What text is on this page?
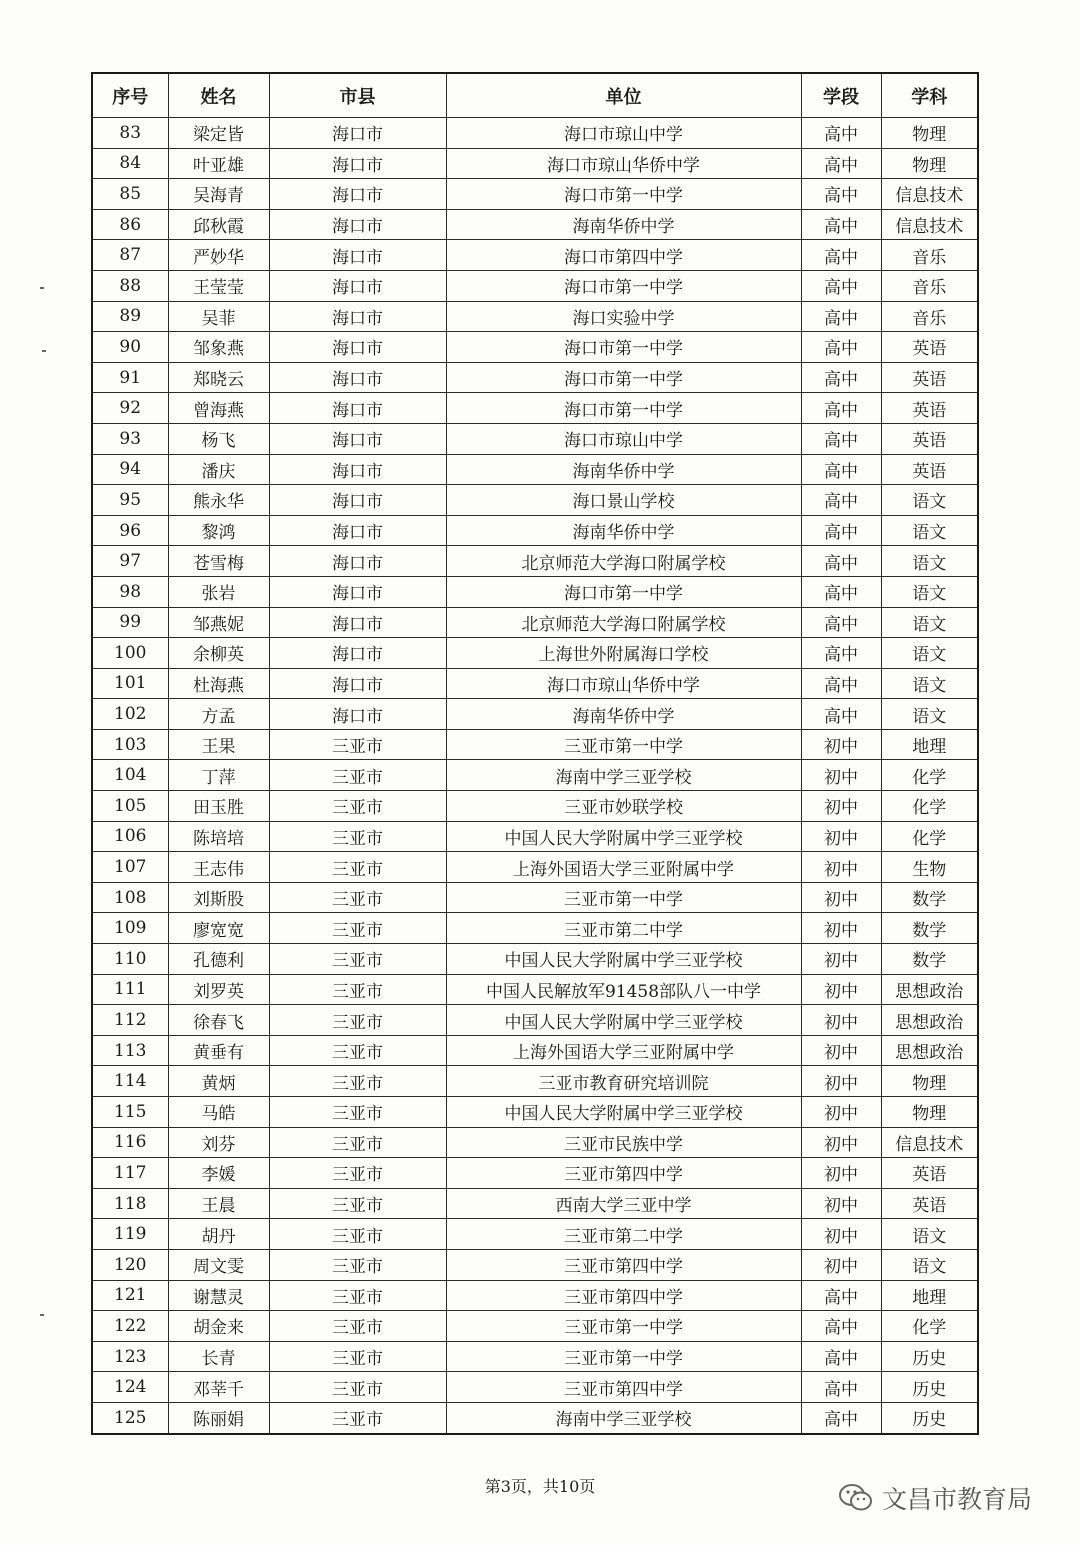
序号	姓名	市县	单位	学段	学科
83	梁定皆	海口市	海口市琼山中学	高中	物理
84	叶亚雄	海口市	海口市琼山华侨中学	高中	物理
85	吴海青	海口市	海口市第一中学	高中	信息技术
86	邱秋霞	海口市	海南华侨中学	高中	信息技术
87	严妙华	海口市	海口市第四中学	高中	音乐
88	王莹莹	海口市	海口市第一中学	高中	音乐
89	吴菲	海口市	海口实验中学	高中	音乐
90	邹象燕	海口市	海口市第一中学	高中	英语
91	郑晓云	海口市	海口市第一中学	高中	英语
92	曾海燕	海口市	海口市第一中学	高中	英语
93	杨飞	海口市	海口市琼山中学	高中	英语
94	潘庆	海口市	海南华侨中学	高中	英语
95	熊永华	海口市	海口景山学校	高中	语文
96	黎鸿	海口市	海南华侨中学	高中	语文
97	苍雪梅	海口市	北京师范大学海口附属学校	高中	语文
98	张岩	海口市	海口市第一中学	高中	语文
99	邹燕妮	海口市	北京师范大学海口附属学校	高中	语文
100	余柳英	海口市	上海世外附属海口学校	高中	语文
101	杜海燕	海口市	海口市琼山华侨中学	高中	语文
102	方孟	海口市	海南华侨中学	高中	语文
103	王果	三亚市	三亚市第一中学	初中	地理
104	丁萍	三亚市	海南中学三亚学校	初中	化学
105	田玉胜	三亚市	三亚市妙联学校	初中	化学
106	陈培培	三亚市	中国人民大学附属中学三亚学校	初中	化学
107	王志伟	三亚市	上海外国语大学三亚附属中学	初中	生物
108	刘斯股	三亚市	三亚市第一中学	初中	数学
109	廖宽宽	三亚市	三亚市第二中学	初中	数学
110	孔德利	三亚市	中国人民大学附属中学三亚学校	初中	数学
111	刘罗英	三亚市	中国人民解放军91458部队八一中学	初中	思想政治
112	徐春飞	三亚市	中国人民大学附属中学三亚学校	初中	思想政治
113	黄垂有	三亚市	上海外国语大学三亚附属中学	初中	思想政治
114	黄炳	三亚市	三亚市教育研究培训院	初中	物理
115	马皓	三亚市	中国人民大学附属中学三亚学校	初中	物理
116	刘芬	三亚市	三亚市民族中学	初中	信息技术
117	李媛	三亚市	三亚市第四中学	初中	英语
118	王晨	三亚市	西南大学三亚中学	初中	英语
119	胡丹	三亚市	三亚市第二中学	初中	语文
120	周文雯	三亚市	三亚市第四中学	初中	语文
121	谢慧灵	三亚市	三亚市第四中学	高中	地理
122	胡金来	三亚市	三亚市第一中学	高中	化学
123	长青	三亚市	三亚市第一中学	高中	历史
124	邓莘千	三亚市	三亚市第四中学	高中	历史
125	陈丽娟	三亚市	海南中学三亚学校	高中	历史
第3页，共10页	文昌市教育局
